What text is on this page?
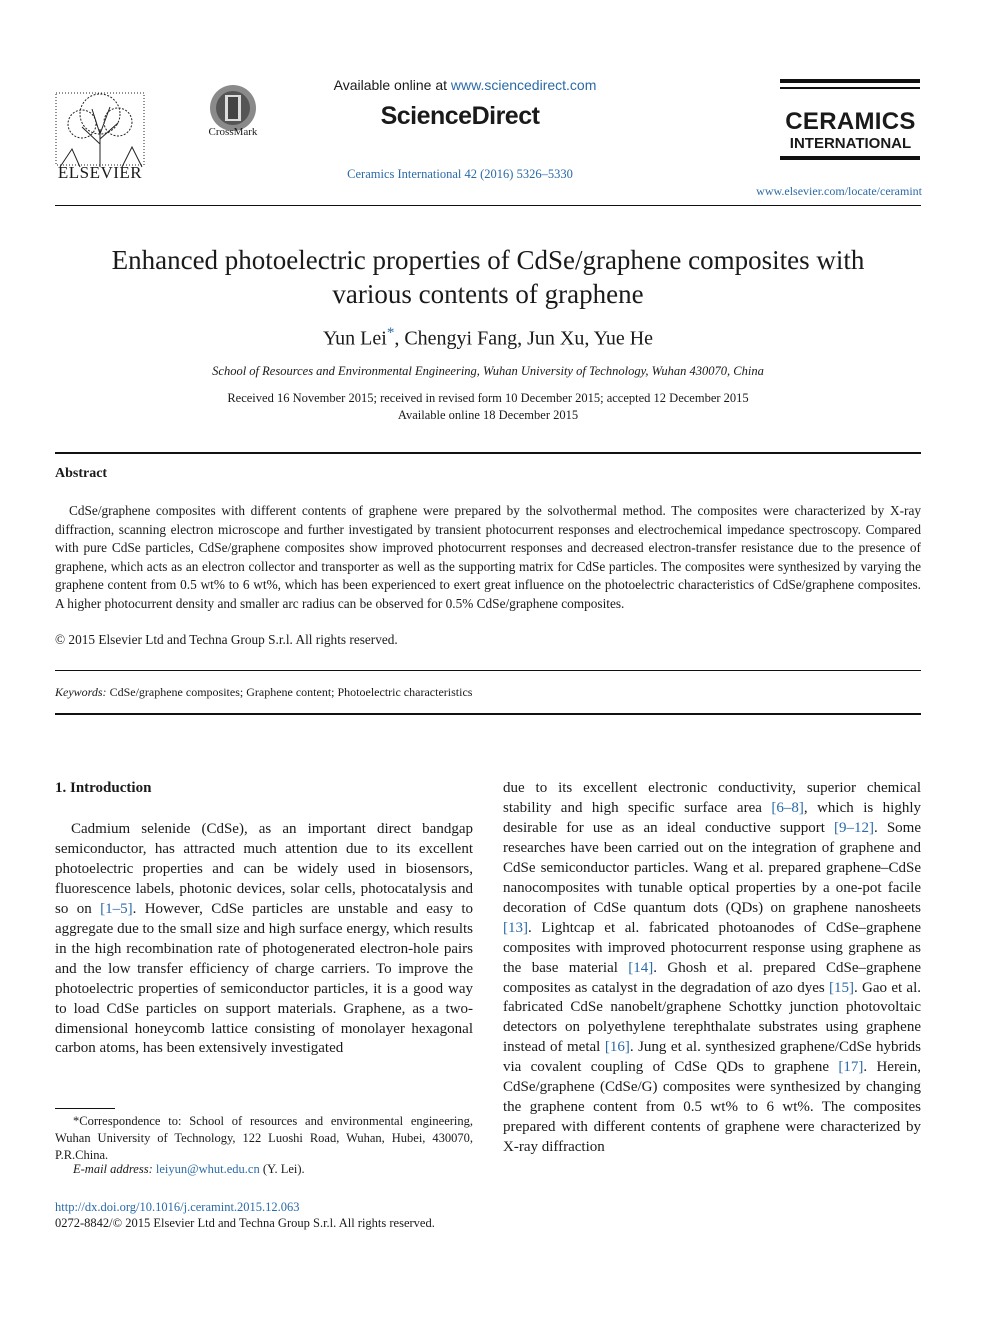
ELSEVIER
CrossMark
Available online at www.sciencedirect.com
ScienceDirect
Ceramics International 42 (2016) 5326–5330
CERAMICS
INTERNATIONAL
www.elsevier.com/locate/ceramint
Enhanced photoelectric properties of CdSe/graphene composites with
various contents of graphene
Yun Lei*, Chengyi Fang, Jun Xu, Yue He
School of Resources and Environmental Engineering, Wuhan University of Technology, Wuhan 430070, China
Received 16 November 2015; received in revised form 10 December 2015; accepted 12 December 2015
Available online 18 December 2015
Abstract
CdSe/graphene composites with different contents of graphene were prepared by the solvothermal method. The composites were characterized by X-ray diffraction, scanning electron microscope and further investigated by transient photocurrent responses and electrochemical impedance spectroscopy. Compared with pure CdSe particles, CdSe/graphene composites show improved photocurrent responses and decreased electron-transfer resistance due to the presence of graphene, which acts as an electron collector and transporter as well as the supporting matrix for CdSe particles. The composites were synthesized by varying the graphene content from 0.5 wt% to 6 wt%, which has been experienced to exert great influence on the photoelectric characteristics of CdSe/graphene composites. A higher photocurrent density and smaller arc radius can be observed for 0.5% CdSe/graphene composites.
© 2015 Elsevier Ltd and Techna Group S.r.l. All rights reserved.
Keywords: CdSe/graphene composites; Graphene content; Photoelectric characteristics
1. Introduction
Cadmium selenide (CdSe), as an important direct bandgap semiconductor, has attracted much attention due to its excellent photoelectric properties and can be widely used in biosensors, fluorescence labels, photonic devices, solar cells, photocatalysis and so on [1–5]. However, CdSe particles are unstable and easy to aggregate due to the small size and high surface energy, which results in the high recombination rate of photogenerated electron-hole pairs and the low transfer efficiency of charge carriers. To improve the photoelectric properties of semiconductor particles, it is a good way to load CdSe particles on support materials. Graphene, as a two-dimensional honeycomb lattice consisting of monolayer hexagonal carbon atoms, has been extensively investigated
due to its excellent electronic conductivity, superior chemical stability and high specific surface area [6–8], which is highly desirable for use as an ideal conductive support [9–12]. Some researches have been carried out on the integration of graphene and CdSe semiconductor particles. Wang et al. prepared graphene–CdSe nanocomposites with tunable optical properties by a one-pot facile decoration of CdSe quantum dots (QDs) on graphene nanosheets [13]. Lightcap et al. fabricated photoanodes of CdSe–graphene composites with improved photocurrent response using graphene as the base material [14]. Ghosh et al. prepared CdSe–graphene composites as catalyst in the degradation of azo dyes [15]. Gao et al. fabricated CdSe nanobelt/graphene Schottky junction photovoltaic detectors on polyethylene terephthalate substrates using graphene instead of metal [16]. Jung et al. synthesized graphene/CdSe hybrids via covalent coupling of CdSe QDs to graphene [17]. Herein, CdSe/graphene (CdSe/G) composites were synthesized by changing the graphene content from 0.5 wt% to 6 wt%. The composites prepared with different contents of graphene were characterized by X-ray diffraction
*Correspondence to: School of resources and environmental engineering, Wuhan University of Technology, 122 Luoshi Road, Wuhan, Hubei, 430070, P.R.China.
E-mail address: leiyun@whut.edu.cn (Y. Lei).
http://dx.doi.org/10.1016/j.ceramint.2015.12.063
0272-8842/© 2015 Elsevier Ltd and Techna Group S.r.l. All rights reserved.
